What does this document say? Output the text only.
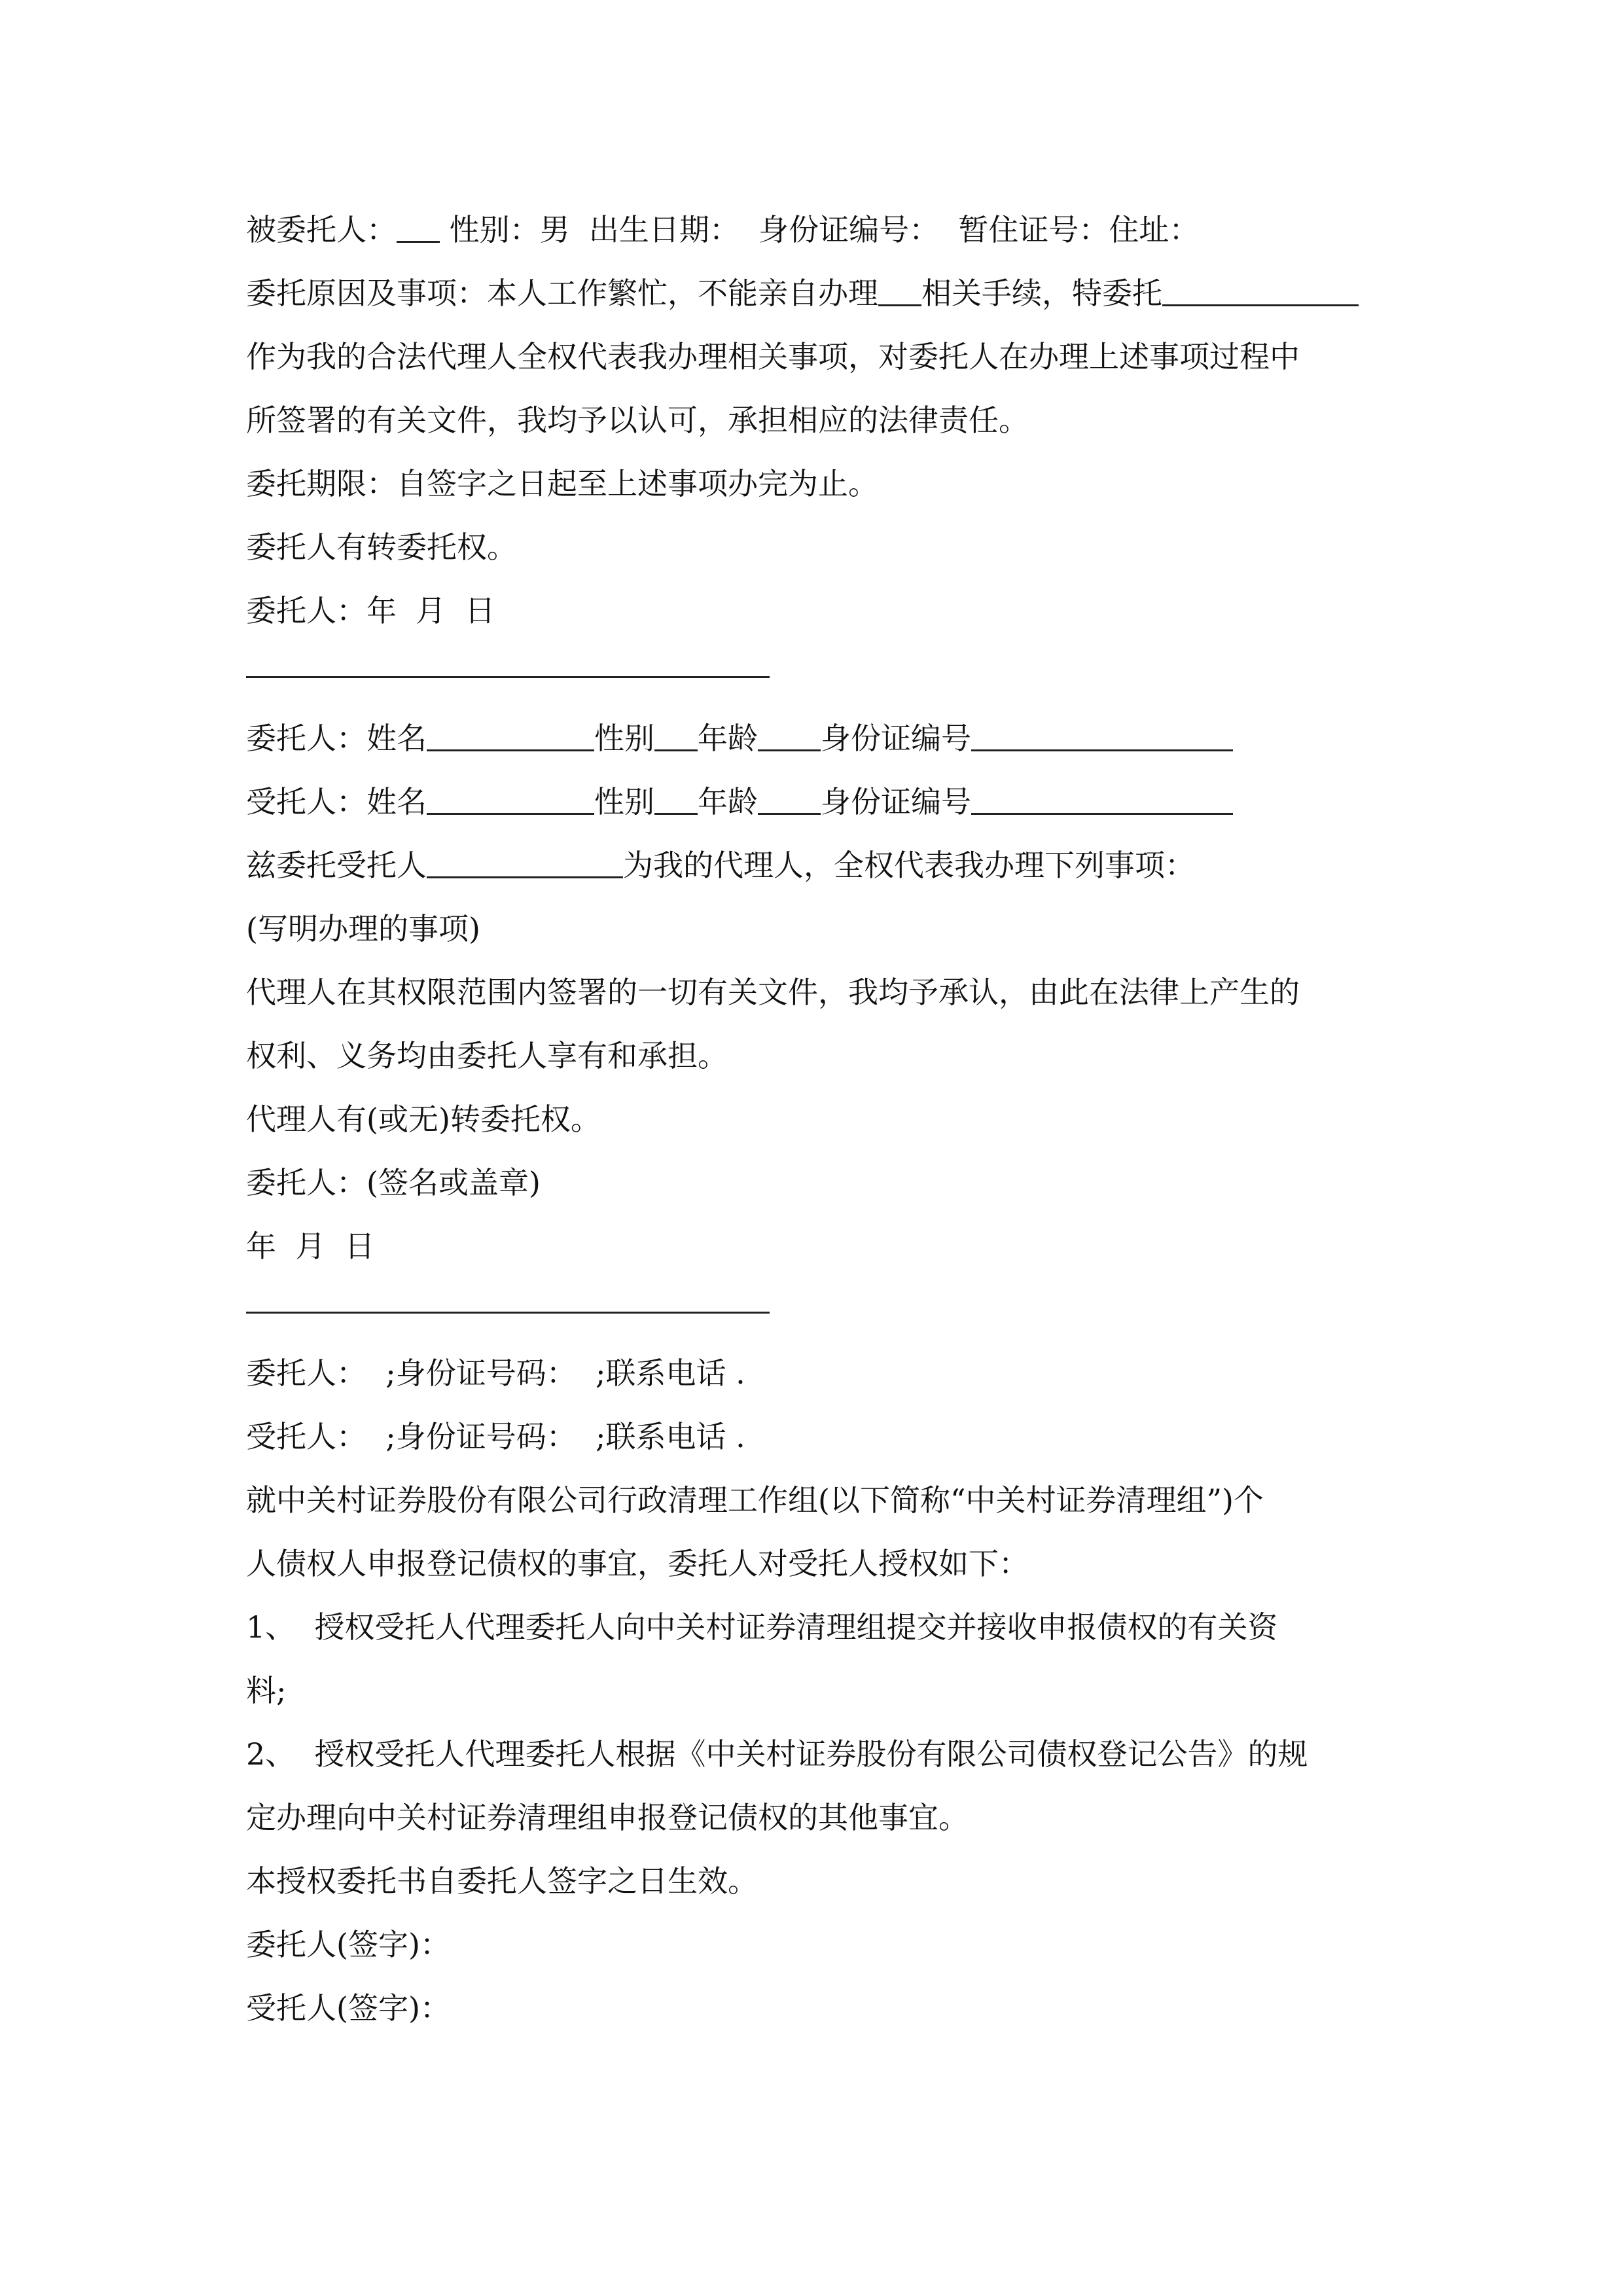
被委托人： 性别：男  出生日期：  身份证编号：  暂住证号：住址：
委托原因及事项：本人工作繁忙，不能亲自办理 相关手续，特委托
作为我的合法代理人全权代表我办理相关事项，对委托人在办理上述事项过程中
所签署的有关文件，我均予以认可，承担相应的法律责任。
委托期限：自签字之日起至上述事项办完为止。
委托人有转委托权。
委托人：年  月  日
委托人：姓名	性别 年龄 身份证编号
受托人：姓名	性别 年龄 身份证编号
兹委托受托人	为我的代理人，全权代表我办理下列事项：
(写明办理的事项)
代理人在其权限范围内签署的一切有关文件，我均予承认，由此在法律上产生的
权利、义务均由委托人享有和承担。
代理人有(或无)转委托权。
委托人：(签名或盖章)
年  月  日
委托人：  ;身份证号码：  ;联系电话 .
受托人：  ;身份证号码：  ;联系电话 .
就中关村证券股份有限公司行政清理工作组(以下简称“中关村证券清理组”)个
人债权人申报登记债权的事宜，委托人对受托人授权如下：
1、  授权受托人代理委托人向中关村证券清理组提交并接收申报债权的有关资
料;
2、  授权受托人代理委托人根据《中关村证券股份有限公司债权登记公告》的规
定办理向中关村证券清理组申报登记债权的其他事宜。
本授权委托书自委托人签字之日生效。
委托人(签字)：
受托人(签字)：
